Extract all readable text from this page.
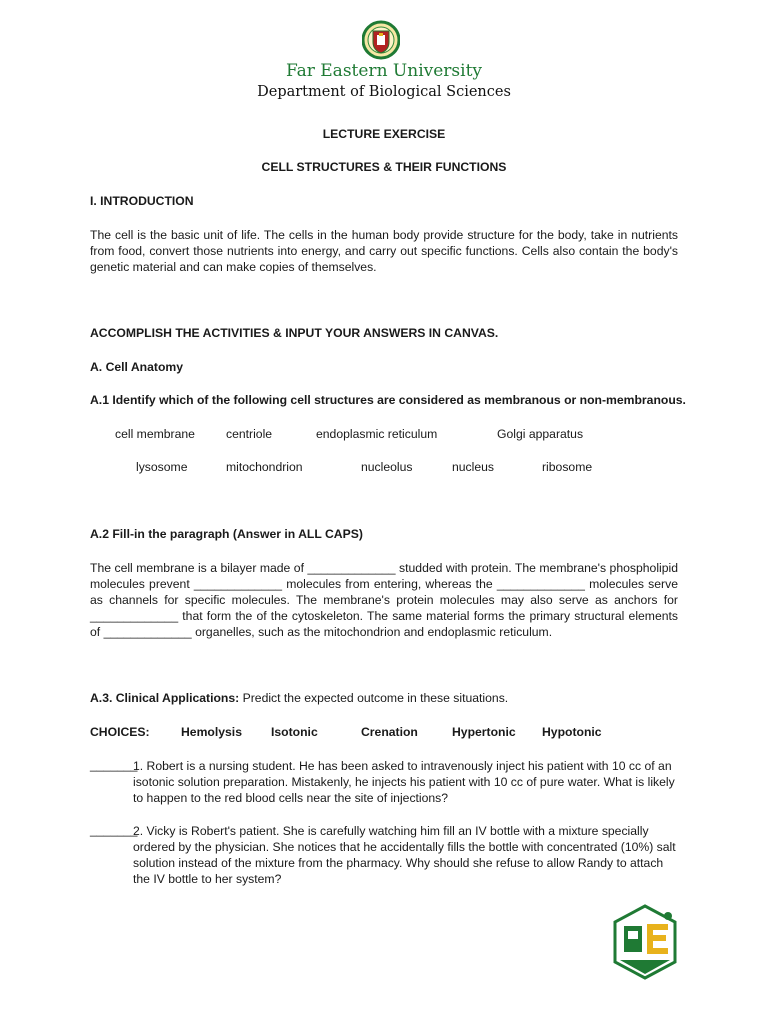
Far Eastern University
Department of Biological Sciences
LECTURE EXERCISE
CELL STRUCTURES & THEIR FUNCTIONS
I. INTRODUCTION
The cell is the basic unit of life. The cells in the human body provide structure for the body, take in nutrients from food, convert those nutrients into energy, and carry out specific functions. Cells also contain the body's genetic material and can make copies of themselves.
ACCOMPLISH THE ACTIVITIES & INPUT YOUR ANSWERS IN CANVAS.
A. Cell Anatomy
A.1 Identify which of the following cell structures are considered as membranous or non-membranous.
cell membrane	centriole	endoplasmic reticulum	Golgi apparatus
lysosome	mitochondrion	nucleolus	nucleus	ribosome
A.2 Fill-in the paragraph (Answer in ALL CAPS)
The cell membrane is a bilayer made of _____________ studded with protein. The membrane's phospholipid molecules prevent _____________ molecules from entering, whereas the _____________ molecules serve as channels for specific molecules. The membrane's protein molecules may also serve as anchors for _____________ that form the of the cytoskeleton. The same material forms the primary structural elements of _____________ organelles, such as the mitochondrion and endoplasmic reticulum.
A.3. Clinical Applications: Predict the expected outcome in these situations.
CHOICES:	Hemolysis Isotonic	Crenation	Hypertonic Hypotonic
_______
1. Robert is a nursing student. He has been asked to intravenously inject his patient with 10 cc of an isotonic solution preparation. Mistakenly, he injects his patient with 10 cc of pure water. What is likely to happen to the red blood cells near the site of injections?
_______
2. Vicky is Robert's patient. She is carefully watching him fill an IV bottle with a mixture specially ordered by the physician. She notices that he accidentally fills the bottle with concentrated (10%) salt solution instead of the mixture from the pharmacy. Why should she refuse to allow Randy to attach the IV bottle to her system?
